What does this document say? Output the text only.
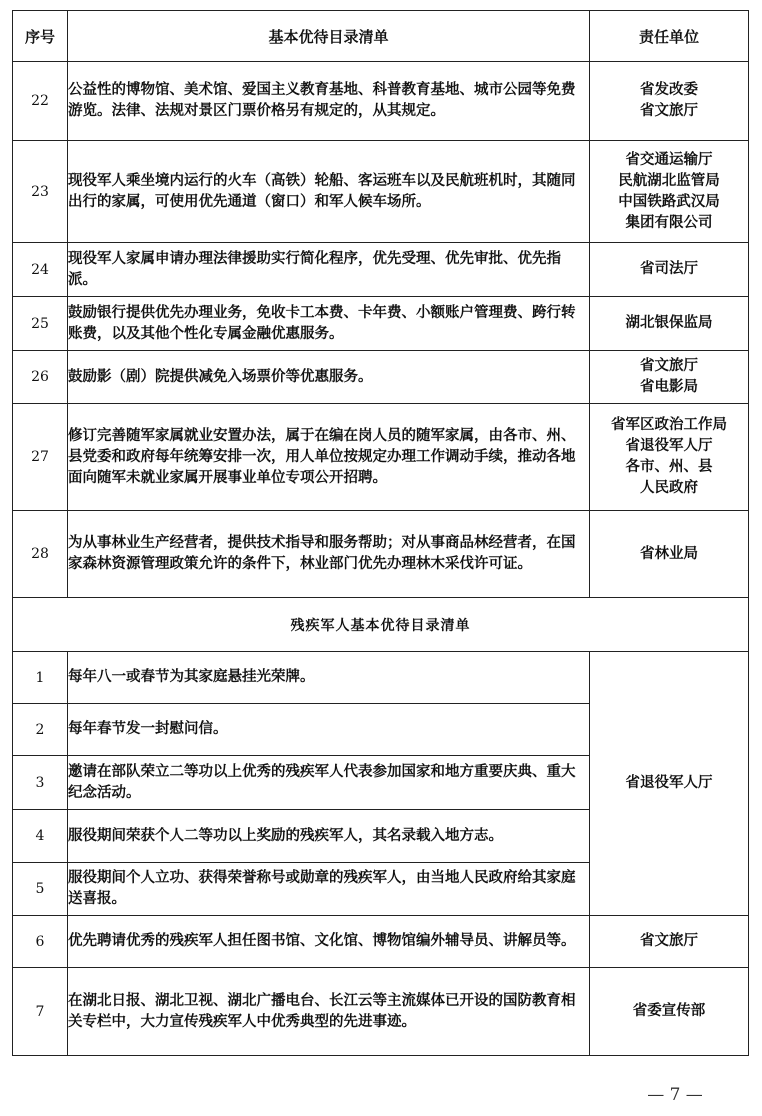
序号	基本优待目录清单	责任单位
22	公益性的博物馆、美术馆、爱国主义教育基地、科普教育基地、城市公园等免费游览。法律、法规对景区门票价格另有规定的，从其规定。	省发改委
省文旅厅

23	现役军人乘坐境内运行的火车（高铁）轮船、客运班车以及民航班机时，其随同出行的家属，可使用优先通道（窗口）和军人候车场所。	省交通运输厅
民航湖北监管局
中国铁路武汉局
集团有限公司

24	现役军人家属申请办理法律援助实行简化程序，优先受理、优先审批、优先指派。	省司法厅

25	鼓励银行提供优先办理业务，免收卡工本费、卡年费、小额账户管理费、跨行转账费，以及其他个性化专属金融优惠服务。	湖北银保监局

26	鼓励影（剧）院提供减免入场票价等优惠服务。	省文旅厅
省电影局

27	修订完善随军家属就业安置办法，属于在编在岗人员的随军家属，由各市、州、县党委和政府每年统筹安排一次，用人单位按规定办理工作调动手续，推动各地面向随军未就业家属开展事业单位专项公开招聘。	省军区政治工作局
省退役军人厅
各市、州、县
人民政府

28	为从事林业生产经营者，提供技术指导和服务帮助；对从事商品林经营者，在国家森林资源管理政策允许的条件下，林业部门优先办理林木采伐许可证。	省林业局

残疾军人基本优待目录清单		
1	每年八一或春节为其家庭悬挂光荣牌。	省退役军人厅
2	每年春节发一封慰问信。	
3	邀请在部队荣立二等功以上优秀的残疾军人代表参加国家和地方重要庆典、重大纪念活动。	
4	服役期间荣获个人二等功以上奖励的残疾军人，其名录载入地方志。	
5	服役期间个人立功、获得荣誉称号或勋章的残疾军人，由当地人民政府给其家庭送喜报。	
6	优先聘请优秀的残疾军人担任图书馆、文化馆、博物馆编外辅导员、讲解员等。	省文旅厅
7	在湖北日报、湖北卫视、湖北广播电台、长江云等主流媒体已开设的国防教育相关专栏中，大力宣传残疾军人中优秀典型的先进事迹。	省委宣传部
— 7 —
